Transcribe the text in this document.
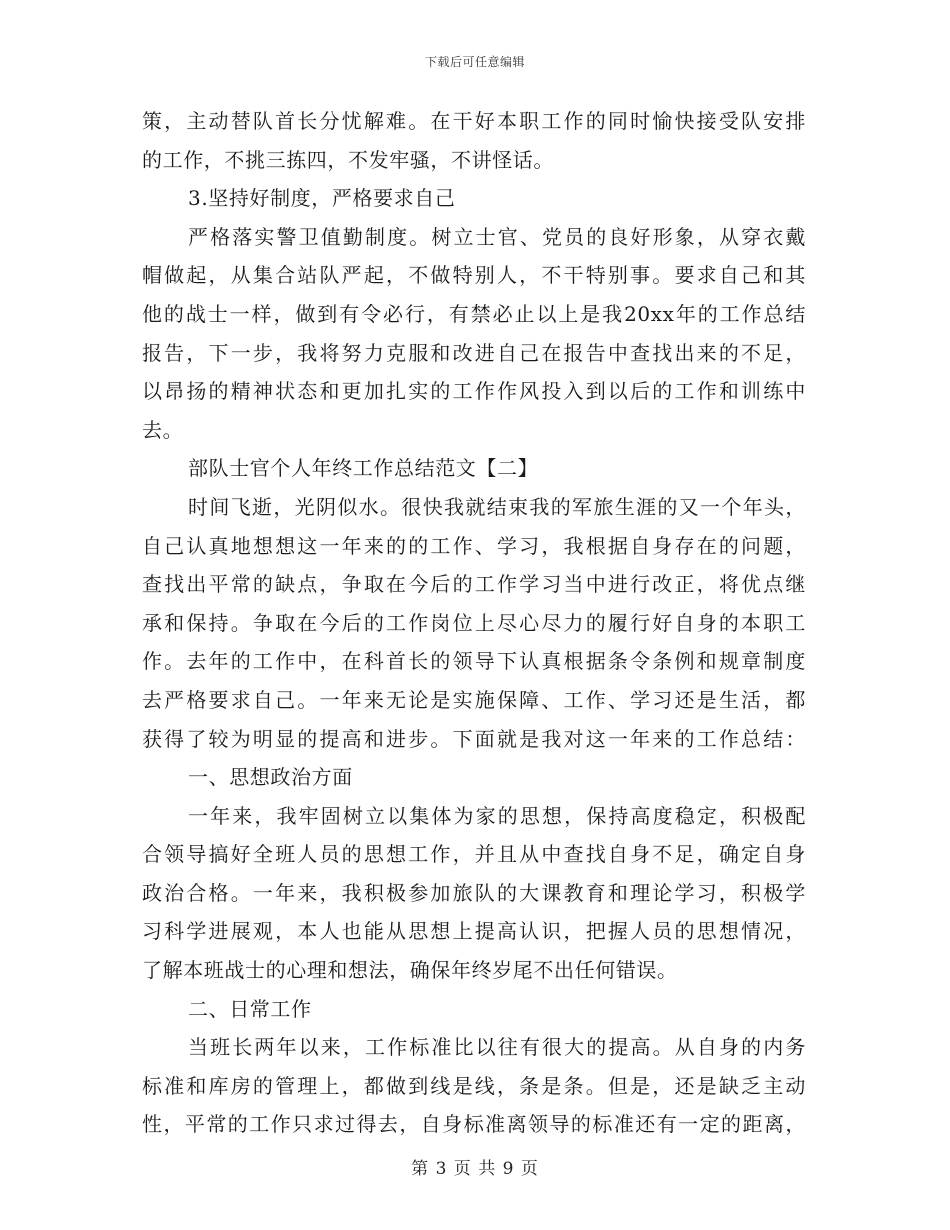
下载后可任意编辑
策，主动替队首长分忧解难。在干好本职工作的同时愉快接受队安排
的工作，不挑三拣四，不发牢骚，不讲怪话。
3.坚持好制度，严格要求自己
严格落实警卫值勤制度。树立士官、党员的良好形象，从穿衣戴
帽做起，从集合站队严起，不做特别人，不干特别事。要求自己和其
他的战士一样，做到有令必行，有禁必止以上是我20xx年的工作总结
报告，下一步，我将努力克服和改进自己在报告中查找出来的不足，
以昂扬的精神状态和更加扎实的工作作风投入到以后的工作和训练中
去。
部队士官个人年终工作总结范文【二】
时间飞逝，光阴似水。很快我就结束我的军旅生涯的又一个年头，
自己认真地想想这一年来的的工作、学习，我根据自身存在的问题，
查找出平常的缺点，争取在今后的工作学习当中进行改正，将优点继
承和保持。争取在今后的工作岗位上尽心尽力的履行好自身的本职工
作。去年的工作中，在科首长的领导下认真根据条令条例和规章制度
去严格要求自己。一年来无论是实施保障、工作、学习还是生活，都
获得了较为明显的提高和进步。下面就是我对这一年来的工作总结：
一、思想政治方面
一年来，我牢固树立以集体为家的思想，保持高度稳定，积极配
合领导搞好全班人员的思想工作，并且从中查找自身不足，确定自身
政治合格。一年来，我积极参加旅队的大课教育和理论学习，积极学
习科学进展观，本人也能从思想上提高认识，把握人员的思想情况，
了解本班战士的心理和想法，确保年终岁尾不出任何错误。
二、日常工作
当班长两年以来，工作标准比以往有很大的提高。从自身的内务
标准和库房的管理上，都做到线是线，条是条。但是，还是缺乏主动
性，平常的工作只求过得去，自身标准离领导的标准还有一定的距离，
第 3 页 共 9 页
